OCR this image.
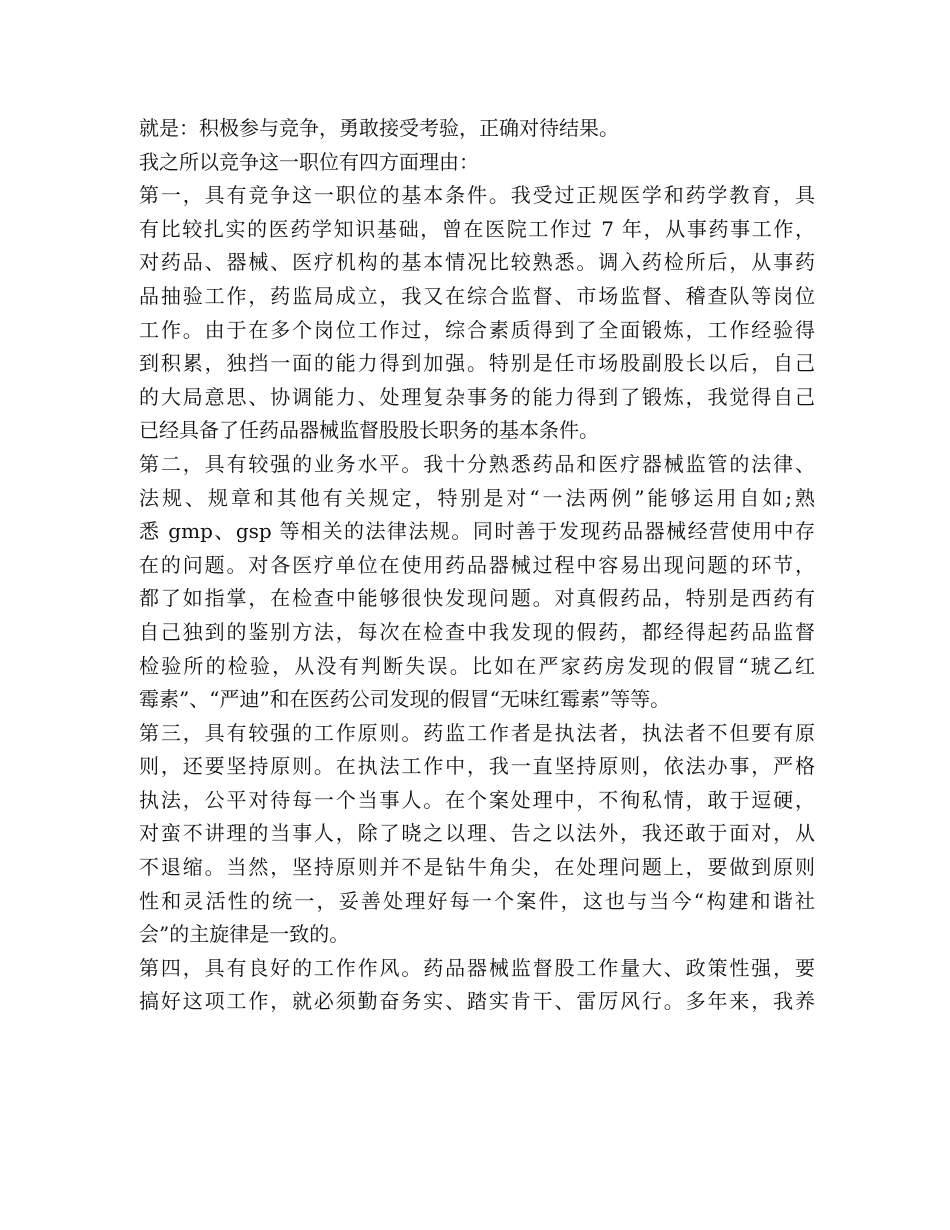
就是：积极参与竞争，勇敢接受考验，正确对待结果。
我之所以竞争这一职位有四方面理由：
第一，具有竞争这一职位的基本条件。我受过正规医学和药学教育，具
有比较扎实的医药学知识基础，曾在医院工作过 7 年，从事药事工作，
对药品、器械、医疗机构的基本情况比较熟悉。调入药检所后，从事药
品抽验工作，药监局成立，我又在综合监督、市场监督、稽查队等岗位
工作。由于在多个岗位工作过，综合素质得到了全面锻炼，工作经验得
到积累，独挡一面的能力得到加强。特别是任市场股副股长以后，自己
的大局意思、协调能力、处理复杂事务的能力得到了锻炼，我觉得自己
已经具备了任药品器械监督股股长职务的基本条件。
第二，具有较强的业务水平。我十分熟悉药品和医疗器械监管的法律、
法规、规章和其他有关规定，特别是对“一法两例”能够运用自如;熟
悉 gmp、gsp 等相关的法律法规。同时善于发现药品器械经营使用中存
在的问题。对各医疗单位在使用药品器械过程中容易出现问题的环节，
都了如指掌，在检查中能够很快发现问题。对真假药品，特别是西药有
自己独到的鉴别方法，每次在检查中我发现的假药，都经得起药品监督
检验所的检验，从没有判断失误。比如在严家药房发现的假冒“琥乙红
霉素”、“严迪”和在医药公司发现的假冒“无味红霉素”等等。
第三，具有较强的工作原则。药监工作者是执法者，执法者不但要有原
则，还要坚持原则。在执法工作中，我一直坚持原则，依法办事，严格
执法，公平对待每一个当事人。在个案处理中，不徇私情，敢于逗硬，
对蛮不讲理的当事人，除了晓之以理、告之以法外，我还敢于面对，从
不退缩。当然，坚持原则并不是钻牛角尖，在处理问题上，要做到原则
性和灵活性的统一，妥善处理好每一个案件，这也与当今“构建和谐社
会”的主旋律是一致的。
第四，具有良好的工作作风。药品器械监督股工作量大、政策性强，要
搞好这项工作，就必须勤奋务实、踏实肯干、雷厉风行。多年来，我养
